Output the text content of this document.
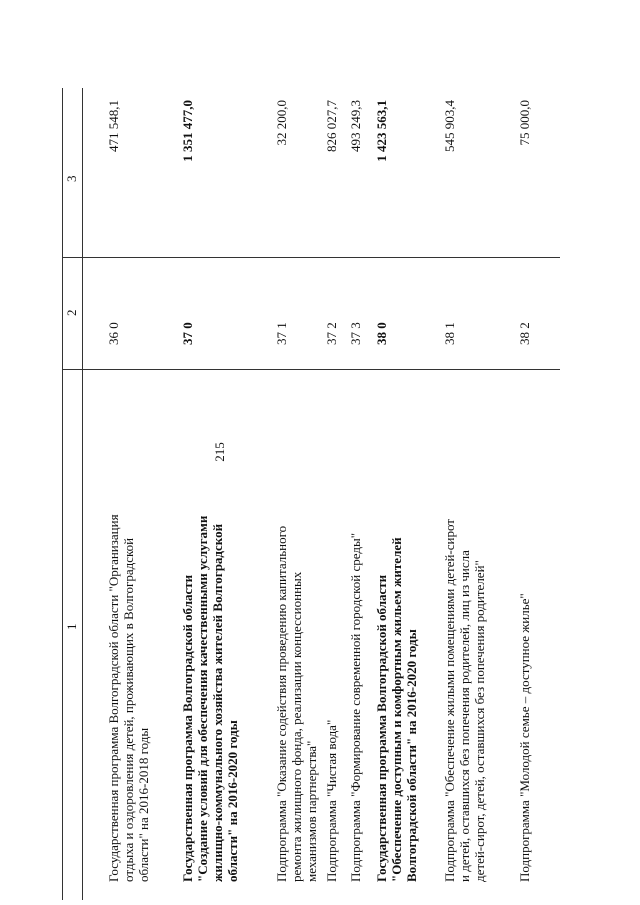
215
1
2
3
Государственная программа Волгоградской области "Организация отдыха и оздоровления детей, проживающих в Волгоградской области" на 2016-2018 годы
36 0
471 548,1
Государственная программа Волгоградской области "Создание условий для обеспечения качественными услугами жилищно-коммунального хозяйства жителей Волгоградской области" на 2016-2020 годы
37 0
1 351 477,0
Подпрограмма "Оказание содействия проведению капитального ремонта жилищного фонда, реализации концессионных механизмов партнерства"
37 1
32 200,0
Подпрограмма "Чистая вода"
37 2
826 027,7
Подпрограмма "Формирование современной городской среды"
37 3
493 249,3
Государственная программа Волгоградской области "Обеспечение доступным и комфортным жильем жителей Волгоградской области" на 2016-2020 годы
38 0
1 423 563,1
Подпрограмма "Обеспечение жилыми помещениями детей-сирот и детей, оставшихся без попечения родителей, лиц из числа детей-сирот, детей, оставшихся без попечения родителей"
38 1
545 903,4
Подпрограмма "Молодой семье – доступное жилье"
38 2
75 000,0
